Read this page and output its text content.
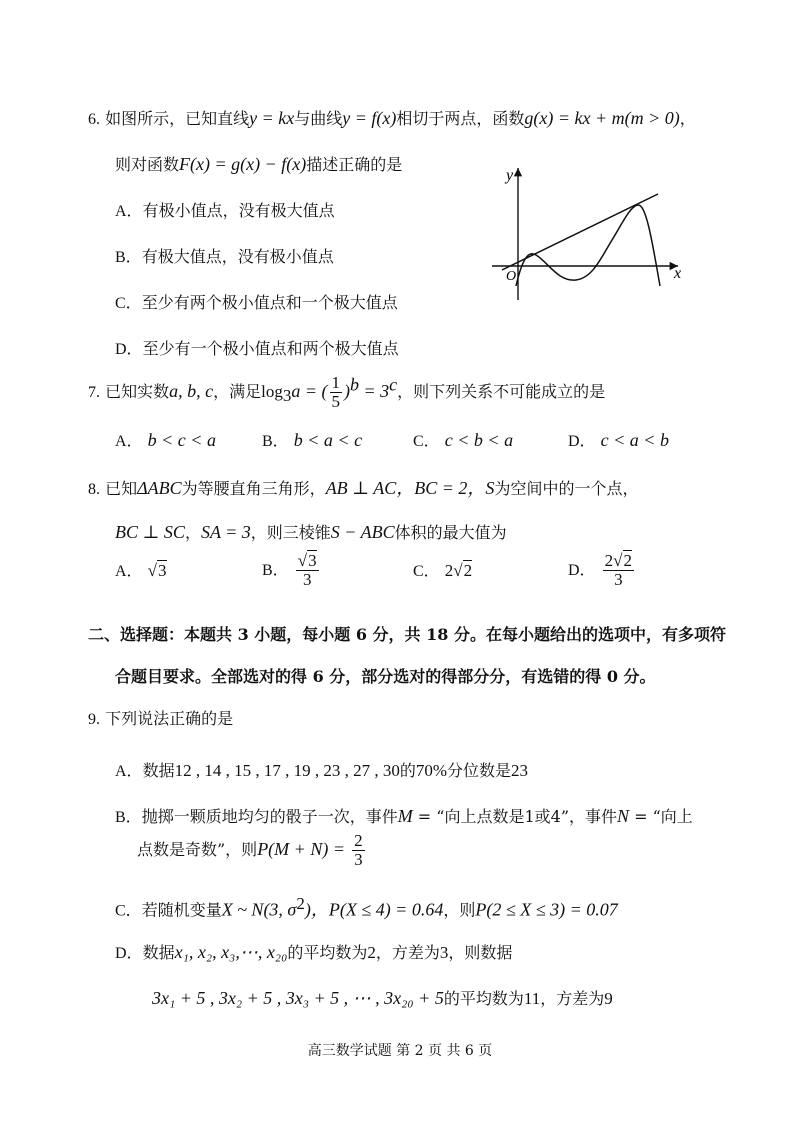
6. 如图所示，已知直线y = kx与曲线y = f(x)相切于两点，函数g(x) = kx + m(m > 0)，
则对函数F(x) = g(x) − f(x)描述正确的是
A．有极小值点，没有极大值点
B．有极大值点，没有极小值点
C．至少有两个极小值点和一个极大值点
D．至少有一个极小值点和两个极大值点
y
x
O
7. 已知实数a, b, c，满足$\log_3a$ = ( $\frac{1}{5} )^b = 3^c$，则下列关系不可能成立的是
A． b < c < a	B． b < a < c	C． c < b < a	D． c < a < b
8. 已知ΔABC为等腰直角三角形，AB ⊥ AC，BC = 2，S为空间中的一个点，
BC ⊥ SC，SA = 3，则三棱锥S − ABC体积的最大值为
A． √3	B． $\frac{√3}{3}$	C． 2√2	D． $\frac{2√2}{3}$
二、选择题：本题共 3 小题，每小题 6 分，共 18 分。在每小题给出的选项中，有多项符
合题目要求。全部选对的得 6 分，部分选对的得部分分，有选错的得 0 分。
9. 下列说法正确的是
A．数据12 , 14 , 15 , 17 , 19 , 23 , 27 , 30的70%分位数是23
B．抛掷一颗质地均匀的骰子一次，事件M = “向上点数是1或4”，事件N = “向上
点数是奇数”，则$P(M + N) = \frac{2}{3}$
C．若随机变量X ~ N(3, $\sigma^2$)，P(X ≤ 4) = 0.64，则P(2 ≤ X ≤ 3) = 0.07
D．数据x₁, x₂, x₃,⋯, x₂₀的平均数为2，方差为3，则数据
3x₁ + 5 , 3x₂ + 5 , 3x₃ + 5 , ⋯ , 3x₂₀ + 5的平均数为11，方差为9
高三数学试题 第 2 页 共 6 页
